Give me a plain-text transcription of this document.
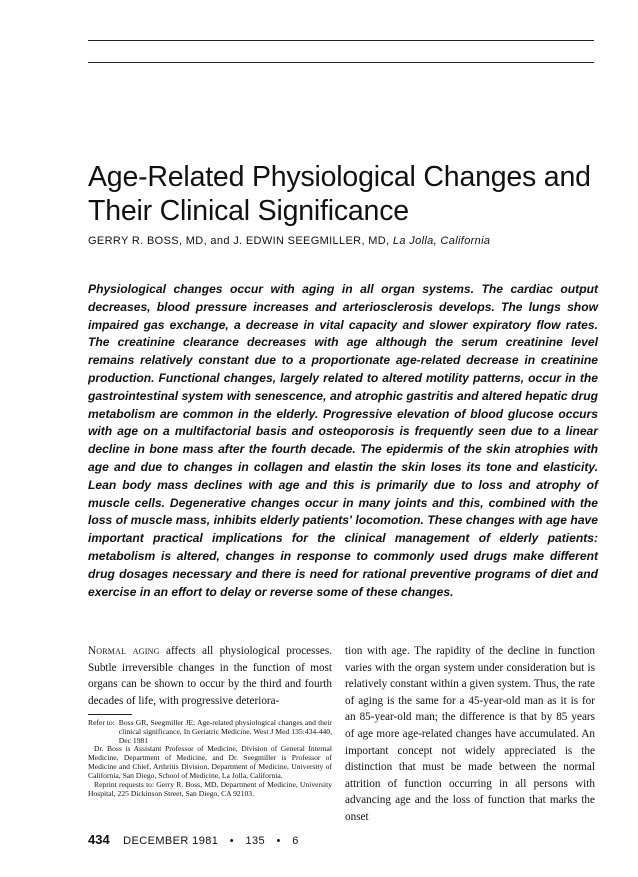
Age-Related Physiological Changes and Their Clinical Significance
GERRY R. BOSS, MD, and J. EDWIN SEEGMILLER, MD, La Jolla, California
Physiological changes occur with aging in all organ systems. The cardiac output decreases, blood pressure increases and arteriosclerosis develops. The lungs show impaired gas exchange, a decrease in vital capacity and slower expiratory flow rates. The creatinine clearance decreases with age although the serum creatinine level remains relatively constant due to a proportionate age-related decrease in creatinine production. Functional changes, largely related to altered motility patterns, occur in the gastrointestinal system with senescence, and atrophic gastritis and altered hepatic drug metabolism are common in the elderly. Progressive elevation of blood glucose occurs with age on a multifactorial basis and osteoporosis is frequently seen due to a linear decline in bone mass after the fourth decade. The epidermis of the skin atrophies with age and due to changes in collagen and elastin the skin loses its tone and elasticity. Lean body mass declines with age and this is primarily due to loss and atrophy of muscle cells. Degenerative changes occur in many joints and this, combined with the loss of muscle mass, inhibits elderly patients' locomotion. These changes with age have important practical implications for the clinical management of elderly patients: metabolism is altered, changes in response to commonly used drugs make different drug dosages necessary and there is need for rational preventive programs of diet and exercise in an effort to delay or reverse some of these changes.
Normal aging affects all physiological processes. Subtle irreversible changes in the function of most organs can be shown to occur by the third and fourth decades of life, with progressive deteriora-
Refer to: Boss GR, Seegmiller JE: Age-related physiological changes and their clinical significance, In Geriatric Medicine. West J Med 135:434-440, Dec 1981

Dr. Boss is Assistant Professor of Medicine, Division of General Internal Medicine, Department of Medicine, and Dr. Seegmiller is Professor of Medicine and Chief, Arthritis Division, Department of Medicine, University of California, San Diego, School of Medicine, La Jolla, California.

Reprint requests to: Gerry R. Boss, MD, Department of Medicine, University Hospital, 225 Dickinson Street, San Diego, CA 92103.

tion with age. The rapidity of the decline in function varies with the organ system under consideration but is relatively constant within a given system. Thus, the rate of aging is the same for a 45-year-old man as it is for an 85-year-old man; the difference is that by 85 years of age more age-related changes have accumulated. An important concept not widely appreciated is the distinction that must be made between the normal attrition of function occurring in all persons with advancing age and the loss of function that marks the onset
434 DECEMBER 1981 • 135 • 6
